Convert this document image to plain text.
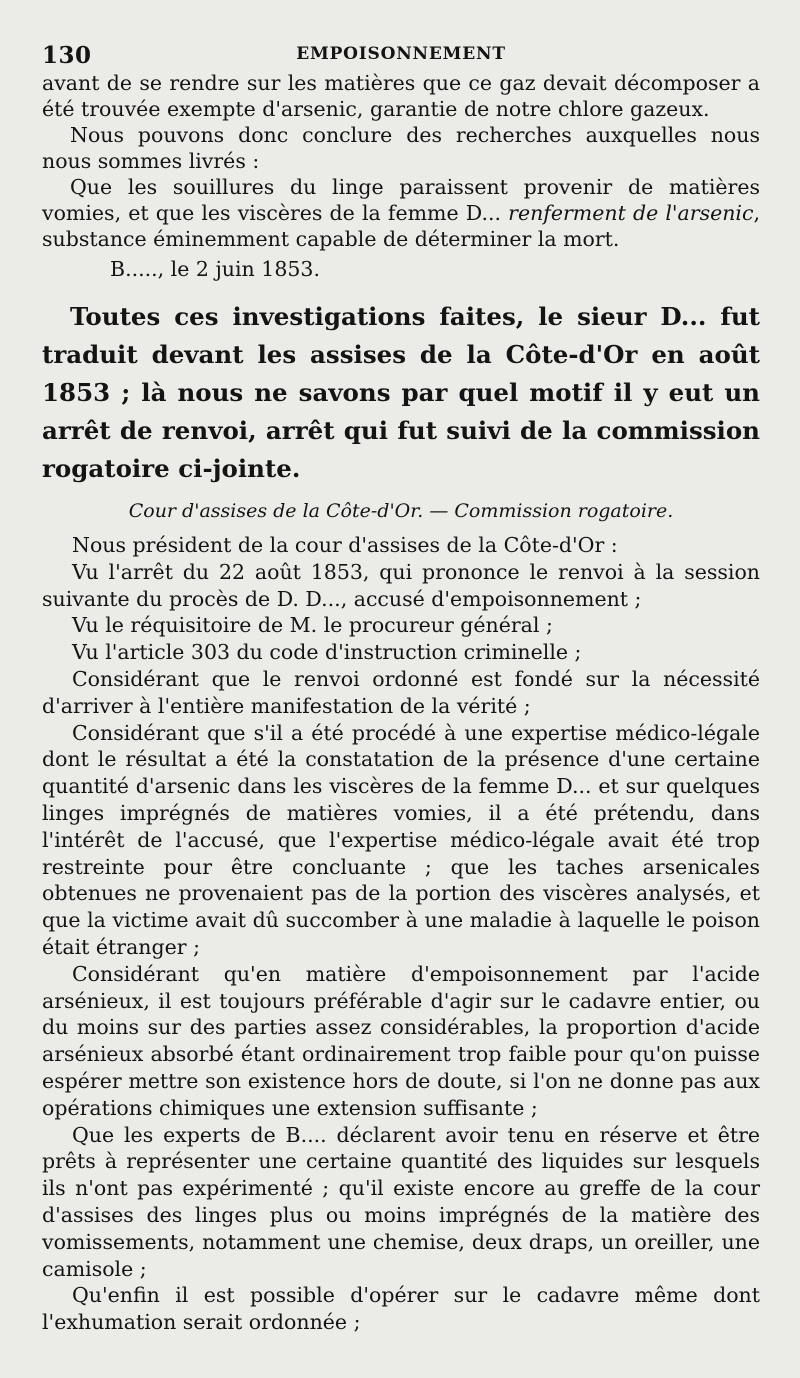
130	EMPOISONNEMENT

avant de se rendre sur les matières que ce gaz devait décomposer a été trouvée exempte d'arsenic, garantie de notre chlore gazeux.

Nous pouvons donc conclure des recherches auxquelles nous nous sommes livrés :

Que les souillures du linge paraissent provenir de matières vomies, et que les viscères de la femme D... renferment de l'arsenic, substance éminemment capable de déterminer la mort.

B....., le 2 juin 1853.
Toutes ces investigations faites, le sieur D... fut traduit devant les assises de la Côte-d'Or en août 1853 ; là nous ne savons par quel motif il y eut un arrêt de renvoi, arrêt qui fut suivi de la commission rogatoire ci-jointe.
Cour d'assises de la Côte-d'Or. — Commission rogatoire.

Nous président de la cour d'assises de la Côte-d'Or :

Vu l'arrêt du 22 août 1853, qui prononce le renvoi à la session suivante du procès de D. D..., accusé d'empoisonnement ;

Vu le réquisitoire de M. le procureur général ;

Vu l'article 303 du code d'instruction criminelle ;

Considérant que le renvoi ordonné est fondé sur la nécessité d'arriver à l'entière manifestation de la vérité ;

Considérant que s'il a été procédé à une expertise médico-légale dont le résultat a été la constatation de la présence d'une certaine quantité d'arsenic dans les viscères de la femme D... et sur quelques linges imprégnés de matières vomies, il a été prétendu, dans l'intérêt de l'accusé, que l'expertise médico-légale avait été trop restreinte pour être concluante ; que les taches arsenicales obtenues ne provenaient pas de la portion des viscères analysés, et que la victime avait dû succomber à une maladie à laquelle le poison était étranger ;

Considérant qu'en matière d'empoisonnement par l'acide arsénieux, il est toujours préférable d'agir sur le cadavre entier, ou du moins sur des parties assez considérables, la proportion d'acide arsénieux absorbé étant ordinairement trop faible pour qu'on puisse espérer mettre son existence hors de doute, si l'on ne donne pas aux opérations chimiques une extension suffisante ;

Que les experts de B.... déclarent avoir tenu en réserve et être prêts à représenter une certaine quantité des liquides sur lesquels ils n'ont pas expérimenté ; qu'il existe encore au greffe de la cour d'assises des linges plus ou moins imprégnés de la matière des vomissements, notamment une chemise, deux draps, un oreiller, une camisole ;

Qu'enfin il est possible d'opérer sur le cadavre même dont l'exhumation serait ordonnée ;
